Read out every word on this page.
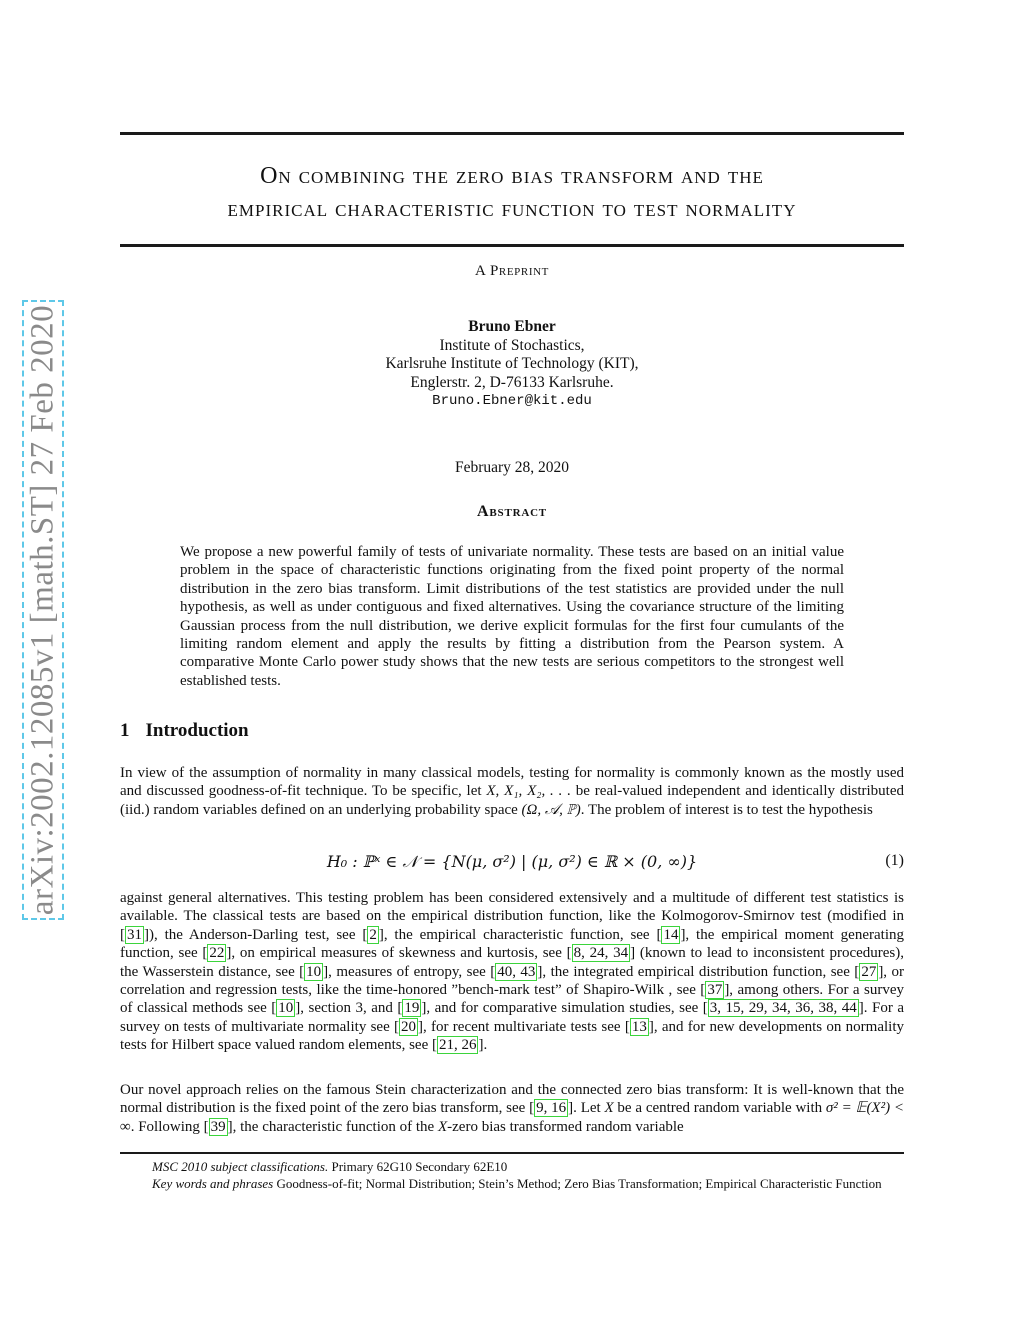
arXiv:2002.12085v1 [math.ST] 27 Feb 2020
On combining the zero bias transform and the
empirical characteristic function to test normality
A Preprint
Bruno Ebner
Institute of Stochastics,
Karlsruhe Institute of Technology (KIT),
Englerstr. 2, D-76133 Karlsruhe.
Bruno.Ebner@kit.edu
February 28, 2020
Abstract
We propose a new powerful family of tests of univariate normality. These tests are based on an initial value problem in the space of characteristic functions originating from the fixed point property of the normal distribution in the zero bias transform. Limit distributions of the test statistics are provided under the null hypothesis, as well as under contiguous and fixed alternatives. Using the covariance structure of the limiting Gaussian process from the null distribution, we derive explicit formulas for the first four cumulants of the limiting random element and apply the results by fitting a distribution from the Pearson system. A comparative Monte Carlo power study shows that the new tests are serious competitors to the strongest well established tests.
1 Introduction
In view of the assumption of normality in many classical models, testing for normality is commonly known as the mostly used and discussed goodness-of-fit technique. To be specific, let X, X₁, X₂, . . . be real-valued independent and identically distributed (iid.) random variables defined on an underlying probability space (Ω, 𝒜, ℙ). The problem of interest is to test the hypothesis
H₀ : ℙˣ ∈ 𝒩 = {N(μ, σ²) | (μ, σ²) ∈ ℝ × (0, ∞)}	(1)
against general alternatives. This testing problem has been considered extensively and a multitude of different test statistics is available. The classical tests are based on the empirical distribution function, like the Kolmogorov-Smirnov test (modified in [ 31 ]), the Anderson-Darling test, see [ 2 ], the empirical characteristic function, see [ 14 ], the empirical moment generating function, see [ 22 ], on empirical measures of skewness and kurtosis, see [ 8, 24, 34 ] (known to lead to inconsistent procedures), the Wasserstein distance, see [ 10 ], measures of entropy, see [ 40, 43 ], the integrated empirical distribution function, see [ 27 ], or correlation and regression tests, like the time-honored ”bench-mark test” of Shapiro-Wilk , see [ 37 ], among others. For a survey of classical methods see [ 10 ], section 3, and [ 19 ], and for comparative simulation studies, see [ 3, 15, 29, 34, 36, 38, 44 ]. For a survey on tests of multivariate normality see [ 20 ], for recent multivariate tests see [ 13 ], and for new developments on normality tests for Hilbert space valued random elements, see [ 21, 26 ].
Our novel approach relies on the famous Stein characterization and the connected zero bias transform: It is well-known that the normal distribution is the fixed point of the zero bias transform, see [ 9, 16 ]. Let X be a centred random variable with σ² = 𝔼(X²) < ∞. Following [ 39 ], the characteristic function of the X-zero bias transformed random variable
MSC 2010 subject classifications. Primary 62G10 Secondary 62E10
Key words and phrases Goodness-of-fit; Normal Distribution; Stein’s Method; Zero Bias Transformation; Empirical Characteristic Function
